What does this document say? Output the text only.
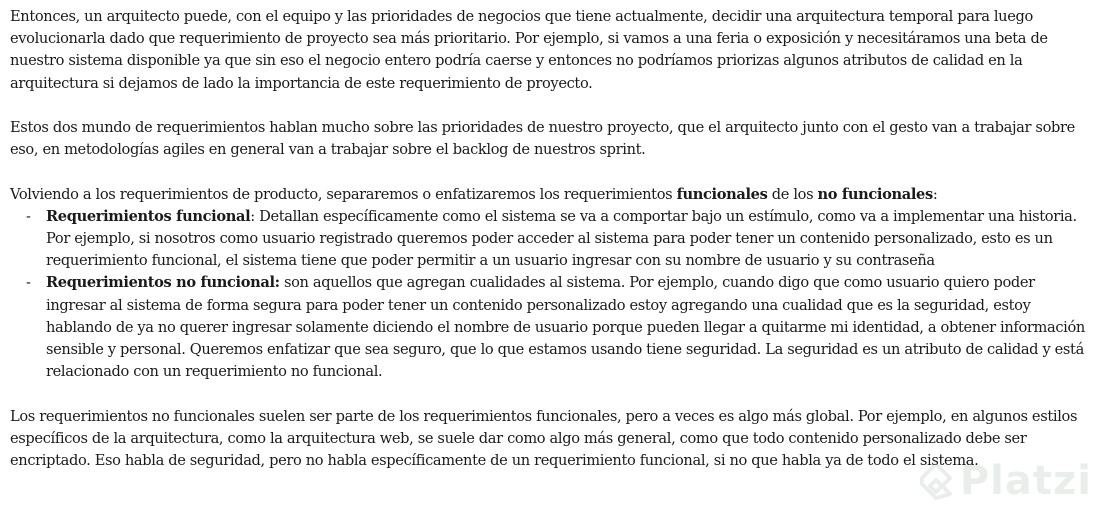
Entonces, un arquitecto puede, con el equipo y las prioridades de negocios que tiene actualmente, decidir una arquitectura temporal para luego evolucionarla dado que requerimiento de proyecto sea más prioritario. Por ejemplo, si vamos a una feria o exposición y necesitáramos una beta de nuestro sistema disponible ya que sin eso el negocio entero podría caerse y entonces no podríamos priorizas algunos atributos de calidad en la arquitectura si dejamos de lado la importancia de este requerimiento de proyecto.

Estos dos mundo de requerimientos hablan mucho sobre las prioridades de nuestro proyecto, que el arquitecto junto con el gesto van a trabajar sobre eso, en metodologías agiles en general van a trabajar sobre el backlog de nuestros sprint.

Volviendo a los requerimientos de producto, separaremos o enfatizaremos los requerimientos funcionales de los no funcionales:
- Requerimientos funcional: Detallan específicamente como el sistema se va a comportar bajo un estímulo, como va a implementar una historia. Por ejemplo, si nosotros como usuario registrado queremos poder acceder al sistema para poder tener un contenido personalizado, esto es un requerimiento funcional, el sistema tiene que poder permitir a un usuario ingresar con su nombre de usuario y su contraseña
- Requerimientos no funcional: son aquellos que agregan cualidades al sistema. Por ejemplo, cuando digo que como usuario quiero poder ingresar al sistema de forma segura para poder tener un contenido personalizado estoy agregando una cualidad que es la seguridad, estoy hablando de ya no querer ingresar solamente diciendo el nombre de usuario porque pueden llegar a quitarme mi identidad, a obtener información sensible y personal. Queremos enfatizar que sea seguro, que lo que estamos usando tiene seguridad. La seguridad es un atributo de calidad y está relacionado con un requerimiento no funcional.

Los requerimientos no funcionales suelen ser parte de los requerimientos funcionales, pero a veces es algo más global. Por ejemplo, en algunos estilos específicos de la arquitectura, como la arquitectura web, se suele dar como algo más general, como que todo contenido personalizado debe ser encriptado. Eso habla de seguridad, pero no habla específicamente de un requerimiento funcional, si no que habla ya de todo el sistema.

Platzi
